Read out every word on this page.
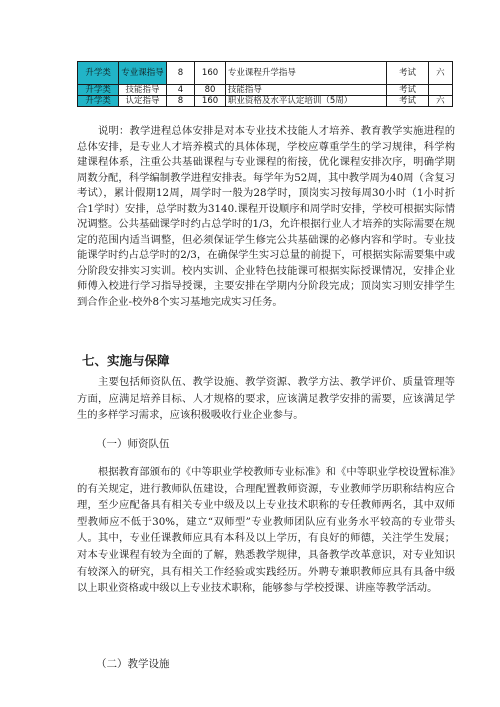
升学类	专业课指导	8	160	专业课程升学指导	考试	六
升学类	技能指导	4	80	技能指导	考试	
升学类	认定指导	8	160	职业资格及水平认定培训（5周）	考试	六

说明：教学进程总体安排是对本专业技术技能人才培养、教育教学实施进程的总体安排，是专业人才培养模式的具体体现，学校应尊重学生的学习规律，科学构建课程体系，注重公共基础课程与专业课程的衔接，优化课程安排次序，明确学期周数分配，科学编制教学进程安排表。每学年为52周，其中教学周为40周（含复习考试），累计假期12周，周学时一般为28学时，顶岗实习按每周30小时（1小时折合1学时）安排，总学时数为3140.课程开设顺序和周学时安排，学校可根据实际情况调整。公共基础课学时约占总学时的1/3，允许根据行业人才培养的实际需要在规定的范围内适当调整，但必须保证学生修完公共基础课的必修内容和学时。专业技能课学时约占总学时的2/3，在确保学生实习总量的前提下，可根据实际需要集中或分阶段安排实习实训。校内实训、企业特色技能课可根据实际授课情况，安排企业师傅入校进行学习指导授课，主要安排在学期内分阶段完成；顶岗实习则安排学生到合作企业-校外8个实习基地完成实习任务。

七、实施与保障

主要包括师资队伍、教学设施、教学资源、教学方法、教学评价、质量管理等方面，应满足培养目标、人才规格的要求，应该满足教学安排的需要，应该满足学生的多样学习需求，应该积极吸收行业企业参与。

（一）师资队伍

根据教育部颁布的《中等职业学校教师专业标准》和《中等职业学校设置标准》的有关规定，进行教师队伍建设，合理配置教师资源，专业教师学历职称结构应合理，至少应配备具有相关专业中级及以上专业技术职称的专任教师两名，其中双师型教师应不低于30%，建立“双师型”专业教师团队应有业务水平较高的专业带头人。其中，专业任课教师应具有本科及以上学历，有良好的师德，关注学生发展；对本专业课程有较为全面的了解，熟悉教学规律，具备教学改革意识，对专业知识有较深入的研究，具有相关工作经验或实践经历。外聘专兼职教师应具有具备中级以上职业资格或中级以上专业技术职称，能够参与学校授课、讲座等教学活动。

（二）教学设施
